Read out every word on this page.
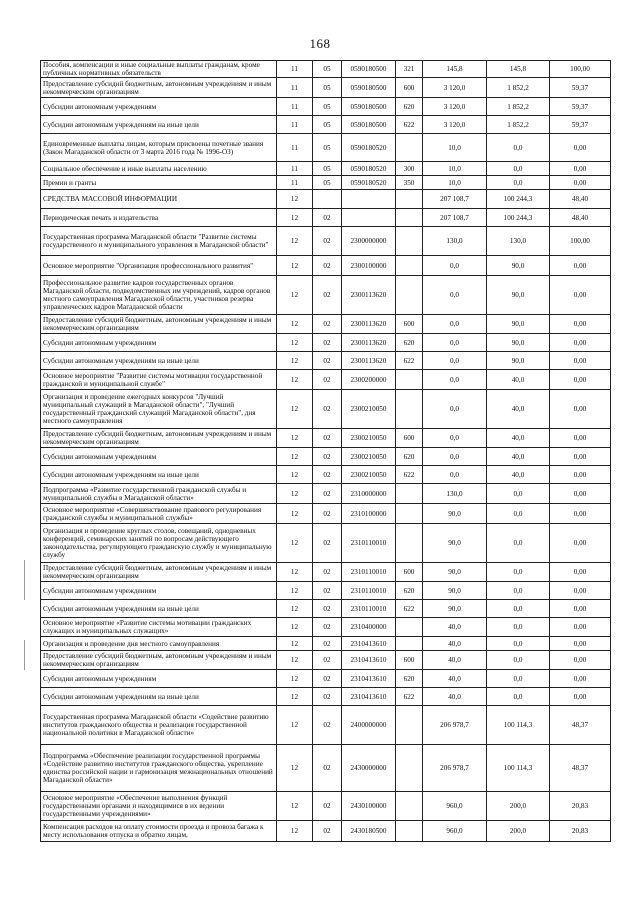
168
Пособия, компенсации и иные социальные выплаты гражданам, кроме публичных нормативных обязательств	11	05	0590180500	321	145,8	145,8	100,00
Предоставление субсидий бюджетным, автономным учреждениям и иным некоммерческим организациям	11	05	0590180500	600	3 120,0	1 852,2	59,37
Субсидии автономным учреждениям	11	05	0590180500	620	3 120,0	1 852,2	59,37
Субсидии автономным учреждениям на иные цели	11	05	0590180500	622	3 120,0	1 852,2	59,37
Единовременные выплаты лицам, которым присвоены почетные звания (Закон Магаданской области от 3 марта 2016 года № 1996-ОЗ)	11	05	0590180520		10,0	0,0	0,00
Социальное обеспечение и иные выплаты населению	11	05	0590180520	300	10,0	0,0	0,00
Премии и гранты	11	05	0590180520	350	10,0	0,0	0,00
СРЕДСТВА МАССОВОЙ ИНФОРМАЦИИ	12				207 108,7	100 244,3	48,40
Периодическая печать и издательства	12	02			207 108,7	100 244,3	48,40
Государственная программа Магаданской области "Развитие системы государственного и муниципального управления в Магаданской области"	12	02	2300000000		130,0	130,0	100,00
Основное мероприятие "Организация профессионального развития"	12	02	2300100000		0,0	90,0	0,00
Профессиональное развитие кадров государственных органов Магаданской области, подведомственных им учреждений, кадров органов местного самоуправления Магаданской области, участников резерва управленческих кадров Магаданской области	12	02	2300113620		0,0	90,0	0,00
Предоставление субсидий бюджетным, автономным учреждениям и иным некоммерческим организациям	12	02	2300113620	600	0,0	90,0	0,00
Субсидии автономным учреждениям	12	02	2300113620	620	0,0	90,0	0,00
Субсидии автономным учреждениям на иные цели	12	02	2300113620	622	0,0	90,0	0,00
Основное мероприятие "Развитие системы мотивации государственной гражданской и муниципальной службе"	12	02	2300200000		0,0	40,0	0,00
Организация и проведение ежегодных конкурсов "Лучший муниципальный служащий в Магаданской области", "Лучший государственный гражданский служащий Магаданской области", дня местного самоуправления	12	02	2300210050		0,0	40,0	0,00
Предоставление субсидий бюджетным, автономным учреждениям и иным некоммерческим организациям	12	02	2300210050	600	0,0	40,0	0,00
Субсидии автономным учреждениям	12	02	2300210050	620	0,0	40,0	0,00
Субсидии автономным учреждениям на иные цели	12	02	2300210050	622	0,0	40,0	0,00
Подпрограмма «Развитие государственной гражданской службы и муниципальной службы в Магаданской области»	12	02	2310000000		130,0	0,0	0,00
Основное мероприятие «Совершенствование правового регулирования гражданской службы и муниципальной службы»	12	02	2310100000		90,0	0,0	0,00
Организация и проведение круглых столов, совещаний, однодневных конференций, семинарских занятий по вопросам действующего законодательства, регулирующего гражданскую службу и муниципальную службу	12	02	2310110010		90,0	0,0	0,00
Предоставление субсидий бюджетным, автономным учреждениям и иным некоммерческим организациям	12	02	2310110010	600	90,0	0,0	0,00
Субсидии автономным учреждениям	12	02	2310110010	620	90,0	0,0	0,00
Субсидии автономным учреждениям на иные цели	12	02	2310110010	622	90,0	0,0	0,00
Основное мероприятие «Развитие системы мотивации гражданских служащих и муниципальных служащих»	12	02	2310400000		40,0	0,0	0,00
Организация и проведение дня местного самоуправления	12	02	2310413610		40,0	0,0	0,00
Предоставление субсидий бюджетным, автономным учреждениям и иным некоммерческим организациям	12	02	2310413610	600	40,0	0,0	0,00
Субсидии автономным учреждениям	12	02	2310413610	620	40,0	0,0	0,00
Субсидии автономным учреждениям на иные цели	12	02	2310413610	622	40,0	0,0	0,00
Государственная программа Магаданской области «Содействие развитию институтов гражданского общества и реализация государственной национальной политики в Магаданской области»	12	02	2400000000		206 978,7	100 114,3	48,37
Подпрограмма «Обеспечение реализации государственной программы «Содействие развитию институтов гражданского общества, укрепление единства российской нации и гармонизация межнациональных отношений Магаданской области»	12	02	2430000000		206 978,7	100 114,3	48,37
Основное мероприятие «Обеспечение выполнения функций государственными органами и находящимися в их ведении государственными учреждениями»	12	02	2430100000		960,0	200,0	20,83
Компенсация расходов на оплату стоимости проезда и провоза багажа к месту использования отпуска и обратно лицам,	12	02	2430180500		960,0	200,0	20,83
